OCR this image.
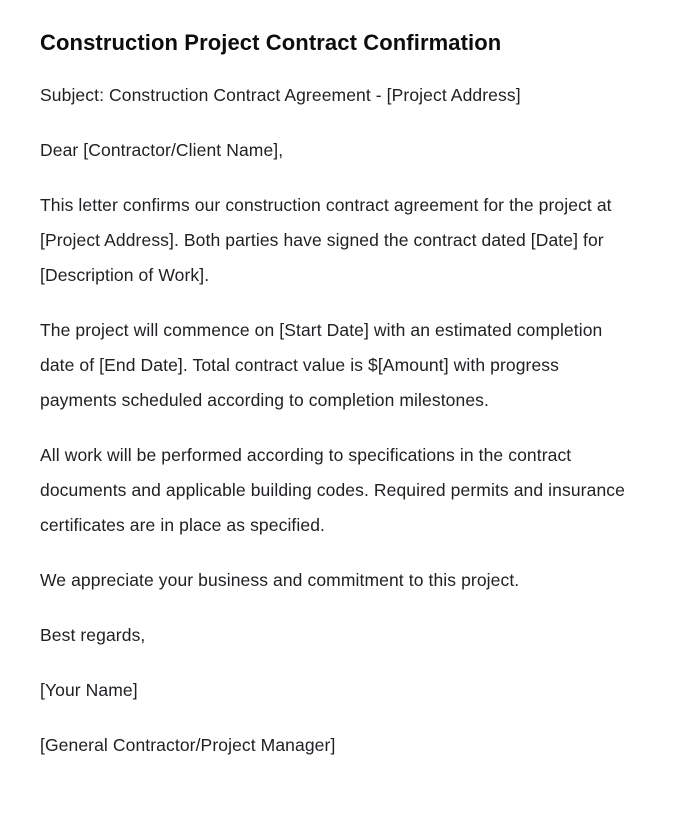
Construction Project Contract Confirmation

Subject: Construction Contract Agreement - [Project Address]

Dear [Contractor/Client Name],

This letter confirms our construction contract agreement for the project at [Project Address]. Both parties have signed the contract dated [Date] for [Description of Work].

The project will commence on [Start Date] with an estimated completion date of [End Date]. Total contract value is $[Amount] with progress payments scheduled according to completion milestones.

All work will be performed according to specifications in the contract documents and applicable building codes. Required permits and insurance certificates are in place as specified.

We appreciate your business and commitment to this project.

Best regards,

[Your Name]

[General Contractor/Project Manager]
